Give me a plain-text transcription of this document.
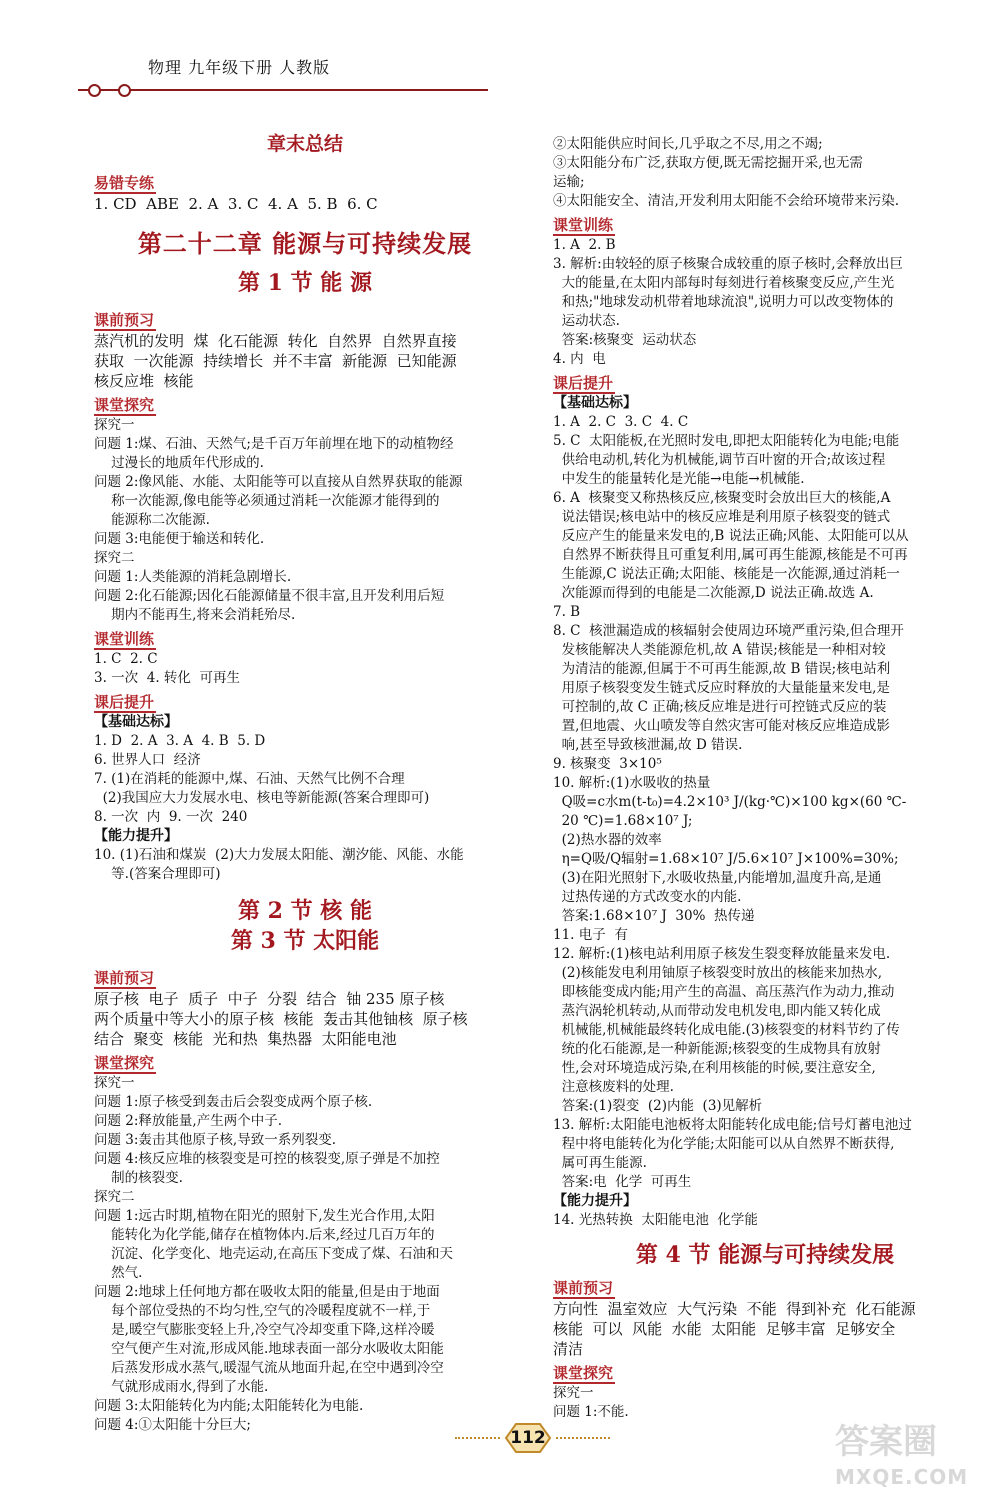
物理 九年级下册 人教版
章末总结
易错专练
1. CD  ABE  2. A  3. C  4. A  5. B  6. C
第二十二章 能源与可持续发展
第 1 节 能 源
课前预习
蒸汽机的发明  煤  化石能源  转化  自然界  自然界直接
获取  一次能源  持续增长  并不丰富  新能源  已知能源
核反应堆  核能
课堂探究
探究一
问题 1:煤、石油、天然气;是千百万年前埋在地下的动植物经
过漫长的地质年代形成的.
问题 2:像风能、水能、太阳能等可以直接从自然界获取的能源
称一次能源,像电能等必须通过消耗一次能源才能得到的
能源称二次能源.
问题 3:电能便于输送和转化.
探究二
问题 1:人类能源的消耗急剧增长.
问题 2:化石能源;因化石能源储量不很丰富,且开发利用后短
期内不能再生,将来会消耗殆尽.
课堂训练
1. C  2. C
3. 一次  4. 转化  可再生
课后提升
【基础达标】
1. D  2. A  3. A  4. B  5. D
6. 世界人口  经济
7. (1)在消耗的能源中,煤、石油、天然气比例不合理
(2)我国应大力发展水电、核电等新能源(答案合理即可)
8. 一次  内  9. 一次  240
【能力提升】
10. (1)石油和煤炭  (2)大力发展太阳能、潮汐能、风能、水能
等.(答案合理即可)
第 2 节 核 能
第 3 节 太阳能
课前预习
原子核  电子  质子  中子  分裂  结合  铀 235 原子核
两个质量中等大小的原子核  核能  轰击其他铀核  原子核
结合  聚变  核能  光和热  集热器  太阳能电池
课堂探究
探究一
问题 1:原子核受到轰击后会裂变成两个原子核.
问题 2:释放能量,产生两个中子.
问题 3:轰击其他原子核,导致一系列裂变.
问题 4:核反应堆的核裂变是可控的核裂变,原子弹是不加控
制的核裂变.
探究二
问题 1:远古时期,植物在阳光的照射下,发生光合作用,太阳
能转化为化学能,储存在植物体内.后来,经过几百万年的
沉淀、化学变化、地壳运动,在高压下变成了煤、石油和天
然气.
问题 2:地球上任何地方都在吸收太阳的能量,但是由于地面
每个部位受热的不均匀性,空气的冷暖程度就不一样,于
是,暖空气膨胀变轻上升,冷空气冷却变重下降,这样冷暖
空气便产生对流,形成风能.地球表面一部分水吸收太阳能
后蒸发形成水蒸气,暖湿气流从地面升起,在空中遇到冷空
气就形成雨水,得到了水能.
问题 3:太阳能转化为内能;太阳能转化为电能.
问题 4:①太阳能十分巨大;
②太阳能供应时间长,几乎取之不尽,用之不竭;
③太阳能分布广泛,获取方便,既无需挖掘开采,也无需
运输;
④太阳能安全、清洁,开发利用太阳能不会给环境带来污染.
课堂训练
1. A  2. B
3. 解析:由较轻的原子核聚合成较重的原子核时,会释放出巨
大的能量,在太阳内部每时每刻进行着核聚变反应,产生光
和热;"地球发动机带着地球流浪",说明力可以改变物体的
运动状态.
答案:核聚变  运动状态
4. 内  电
课后提升
【基础达标】
1. A  2. C  3. C  4. C
5. C  太阳能板,在光照时发电,即把太阳能转化为电能;电能
供给电动机,转化为机械能,调节百叶窗的开合;故该过程
中发生的能量转化是光能→电能→机械能.
6. A  核聚变又称热核反应,核聚变时会放出巨大的核能,A
说法错误;核电站中的核反应堆是利用原子核裂变的链式
反应产生的能量来发电的,B 说法正确;风能、太阳能可以从
自然界不断获得且可重复利用,属可再生能源,核能是不可再
生能源,C 说法正确;太阳能、核能是一次能源,通过消耗一
次能源而得到的电能是二次能源,D 说法正确.故选 A.
7. B
8. C  核泄漏造成的核辐射会使周边环境严重污染,但合理开
发核能解决人类能源危机,故 A 错误;核能是一种相对较
为清洁的能源,但属于不可再生能源,故 B 错误;核电站利
用原子核裂变发生链式反应时释放的大量能量来发电,是
可控制的,故 C 正确;核反应堆是进行可控链式反应的装
置,但地震、火山喷发等自然灾害可能对核反应堆造成影
响,甚至导致核泄漏,故 D 错误.
9. 核聚变  3×10⁵
10. 解析:(1)水吸收的热量
Q吸=c水m(t-t₀)=4.2×10³ J/(kg·℃)×100 kg×(60 ℃-
20 ℃)=1.68×10⁷ J;
(2)热水器的效率
η=Q吸/Q辐射=1.68×10⁷ J/5.6×10⁷ J×100%=30%;
(3)在阳光照射下,水吸收热量,内能增加,温度升高,是通
过热传递的方式改变水的内能.
答案:1.68×10⁷ J  30%  热传递
11. 电子  有
12. 解析:(1)核电站利用原子核发生裂变释放能量来发电.
(2)核能发电利用铀原子核裂变时放出的核能来加热水,
即核能变成内能;用产生的高温、高压蒸汽作为动力,推动
蒸汽涡轮机转动,从而带动发电机发电,即内能又转化成
机械能,机械能最终转化成电能.(3)核裂变的材料节约了传
统的化石能源,是一种新能源;核裂变的生成物具有放射
性,会对环境造成污染,在利用核能的时候,要注意安全,
注意核废料的处理.
答案:(1)裂变  (2)内能  (3)见解析
13. 解析:太阳能电池板将太阳能转化成电能;信号灯蓄电池过
程中将电能转化为化学能;太阳能可以从自然界不断获得,
属可再生能源.
答案:电  化学  可再生
【能力提升】
14. 光热转换  太阳能电池  化学能
第 4 节 能源与可持续发展
课前预习
方向性  温室效应  大气污染  不能  得到补充  化石能源
核能  可以  风能  水能  太阳能  足够丰富  足够安全
清洁
课堂探究
探究一
问题 1:不能.
112	答案圈
MXQE.COM
